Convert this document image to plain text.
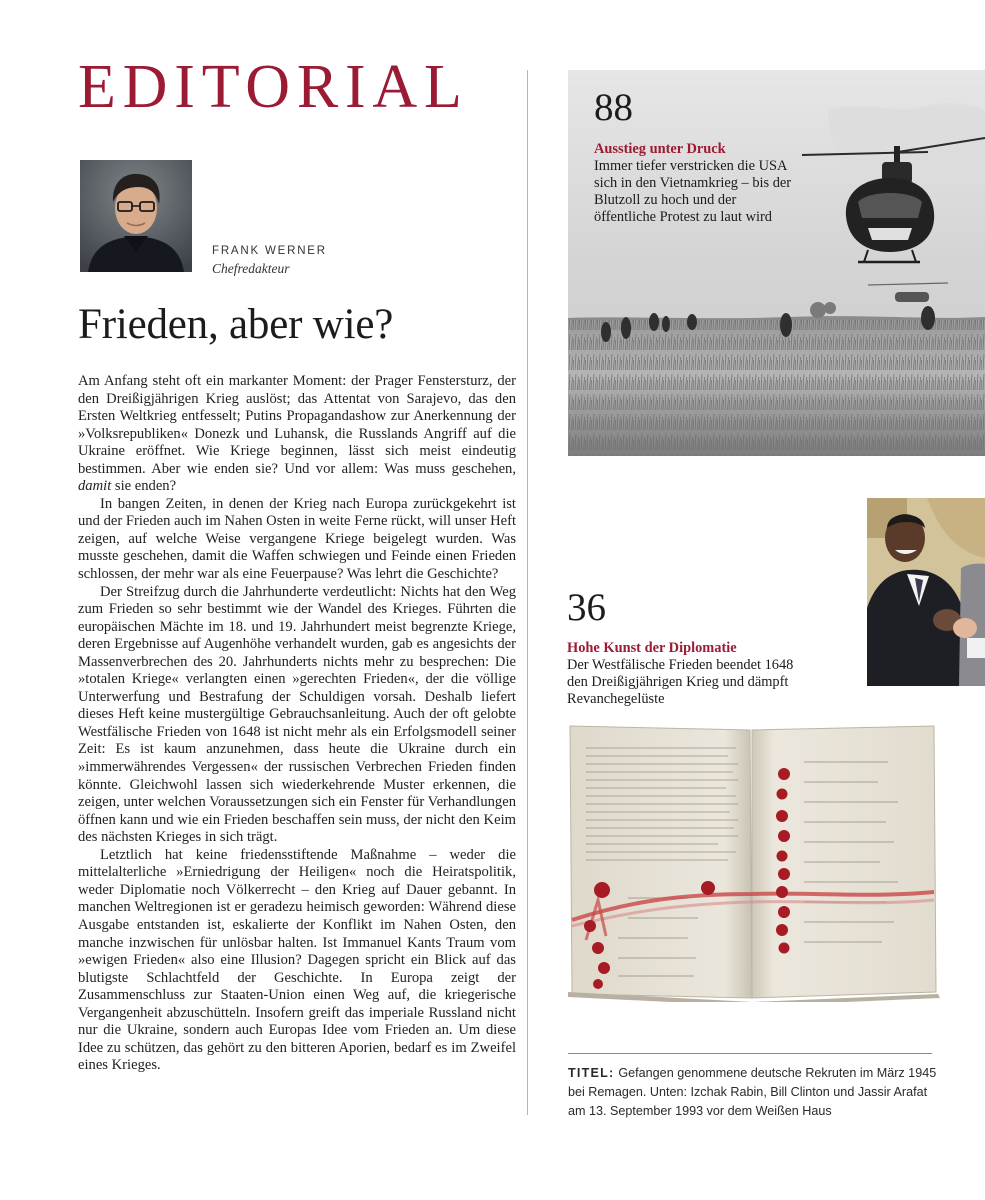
EDITORIAL
FRANK WERNER
Chefredakteur
Frieden, aber wie?

Am Anfang steht oft ein markanter Moment: der Prager Fenstersturz, der den Dreißigjährigen Krieg auslöst; das Attentat von Sarajevo, das den Ersten Weltkrieg entfesselt; Putins Propagandashow zur Anerkennung der »Volksrepubliken« Donezk und Luhansk, die Russlands Angriff auf die Ukraine eröffnet. Wie Kriege beginnen, lässt sich meist eindeutig bestimmen. Aber wie enden sie? Und vor allem: Was muss geschehen, damit sie enden?

In bangen Zeiten, in denen der Krieg nach Europa zurückgekehrt ist und der Frieden auch im Nahen Osten in weite Ferne rückt, will unser Heft zeigen, auf welche Weise vergangene Kriege beigelegt wurden. Was musste geschehen, damit die Waffen schwiegen und Feinde einen Frieden schlossen, der mehr war als eine Feuerpause? Was lehrt die Geschichte?

Der Streifzug durch die Jahrhunderte verdeutlicht: Nichts hat den Weg zum Frieden so sehr bestimmt wie der Wandel des Krieges. Führten die europäischen Mächte im 18. und 19. Jahrhundert meist begrenzte Kriege, deren Ergebnisse auf Augenhöhe verhandelt wurden, gab es angesichts der Massenverbrechen des 20. Jahrhunderts nichts mehr zu besprechen: Die »totalen Kriege« verlangten einen »gerechten Frieden«, der die völlige Unterwerfung und Bestrafung der Schuldigen vorsah. Deshalb liefert dieses Heft keine mustergültige Gebrauchsanleitung. Auch der oft gelobte Westfälische Frieden von 1648 ist nicht mehr als ein Erfolgsmodell seiner Zeit: Es ist kaum anzunehmen, dass heute die Ukraine durch ein »immerwährendes Vergessen« der russischen Verbrechen Frieden finden könnte. Gleichwohl lassen sich wiederkehrende Muster erkennen, die zeigen, unter welchen Voraussetzungen sich ein Fenster für Verhandlungen öffnen kann und wie ein Frieden beschaffen sein muss, der nicht den Keim des nächsten Krieges in sich trägt.

Letztlich hat keine friedensstiftende Maßnahme – weder die mittelalterliche »Erniedrigung der Heiligen« noch die Heiratspolitik, weder Diplomatie noch Völkerrecht – den Krieg auf Dauer gebannt. In manchen Weltregionen ist er geradezu heimisch geworden: Während diese Ausgabe entstanden ist, eskalierte der Konflikt im Nahen Osten, den manche inzwischen für unlösbar halten. Ist Immanuel Kants Traum vom »ewigen Frieden« also eine Illusion? Dagegen spricht ein Blick auf das blutigste Schlachtfeld der Geschichte. In Europa zeigt der Zusammenschluss zur Staaten-Union einen Weg auf, die kriegerische Vergangenheit abzuschütteln. Insofern greift das imperiale Russland nicht nur die Ukraine, sondern auch Europas Idee vom Frieden an. Um diese Idee zu schützen, das gehört zu den bitteren Aporien, bedarf es im Zweifel eines Krieges.

88
Ausstieg unter Druck
Immer tiefer verstricken die USA sich in den Vietnamkrieg – bis der Blutzoll zu hoch und der öffentliche Protest zu laut wird
36
Hohe Kunst der Diplomatie
Der Westfälische Frieden beendet 1648 den Dreißigjährigen Krieg und dämpft Revanchegelüste
TITEL: Gefangen genommene deutsche Rekruten im März 1945 bei Remagen. Unten: Izchak Rabin, Bill Clinton und Jassir Arafat am 13. September 1993 vor dem Weißen Haus
